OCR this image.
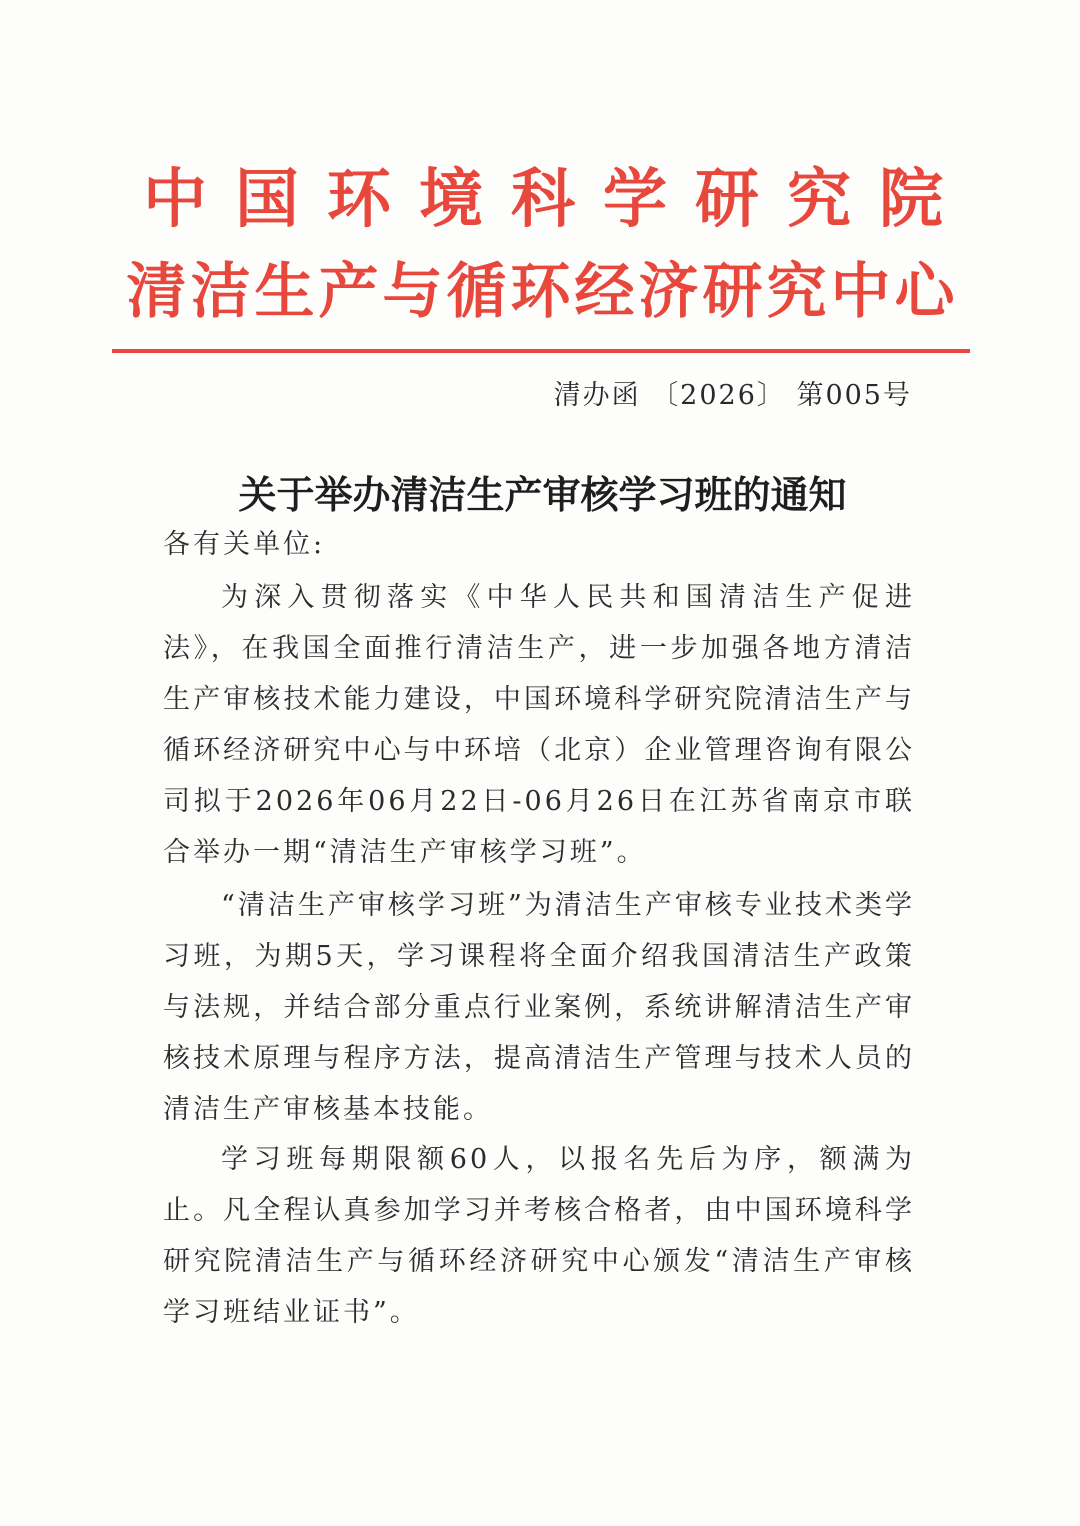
中国环境科学研究院
清洁生产与循环经济研究中心
清办函 〔2026〕 第005号
关于举办清洁生产审核学习班的通知
各有关单位:
为深入贯彻落实《中华人民共和国清洁生产促进法》，在我国全面推行清洁生产，进一步加强各地方清洁生产审核技术能力建设，中国环境科学研究院清洁生产与循环经济研究中心与中环培（北京）企业管理咨询有限公司拟于2026年06月22日-06月26日在江苏省南京市联合举办一期“清洁生产审核学习班”。
“清洁生产审核学习班”为清洁生产审核专业技术类学习班，为期5天，学习课程将全面介绍我国清洁生产政策与法规，并结合部分重点行业案例，系统讲解清洁生产审核技术原理与程序方法，提高清洁生产管理与技术人员的清洁生产审核基本技能。
学习班每期限额60人，以报名先后为序，额满为止。凡全程认真参加学习并考核合格者，由中国环境科学研究院清洁生产与循环经济研究中心颁发“清洁生产审核学习班结业证书”。
